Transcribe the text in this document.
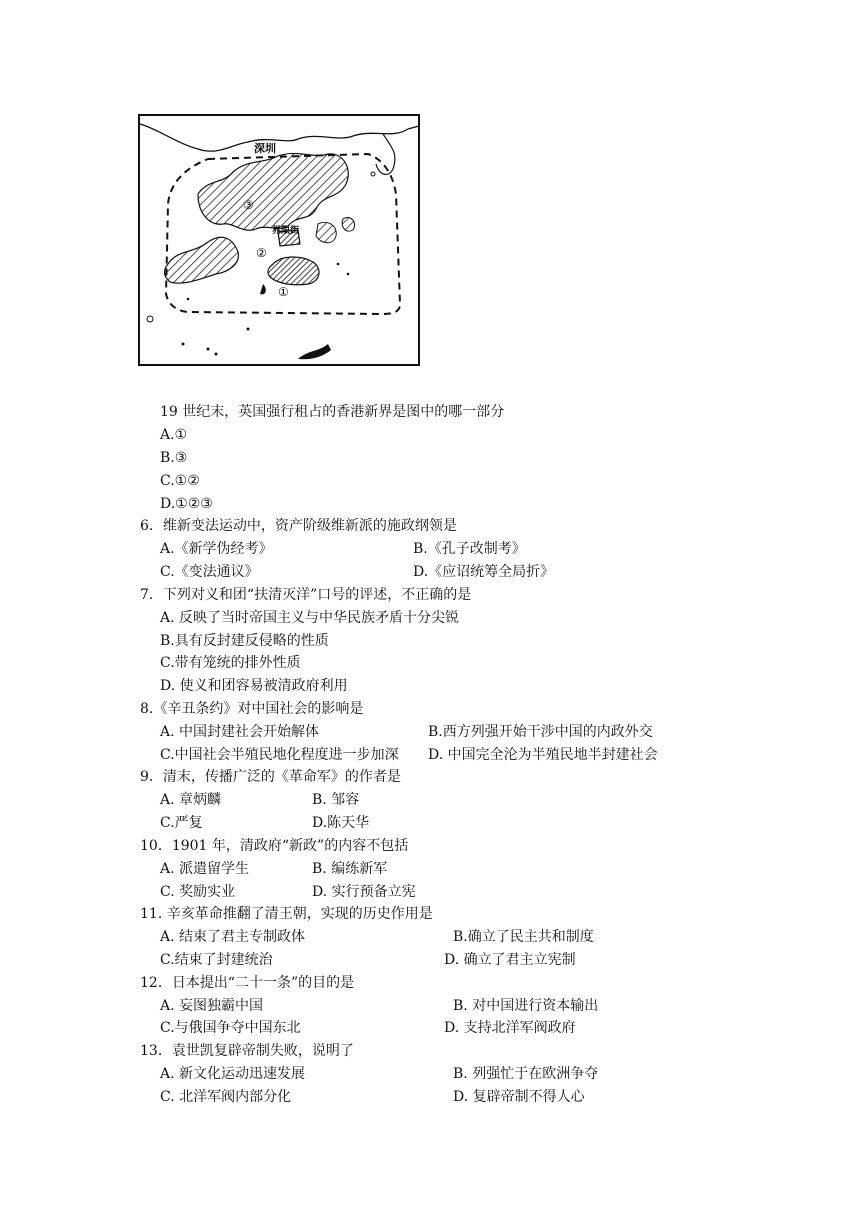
深圳
界限街
①
②
③
19 世纪末，英国强行租占的香港新界是图中的哪一部分
A.①
B.③
C.①②
D.①②③
6．维新变法运动中，资产阶级维新派的施政纲领是
A.《新学伪经考》	B.《孔子改制考》
C.《变法通议》	D.《应诏统筹全局折》
7．下列对义和团“扶清灭洋”口号的评述，不正确的是
A. 反映了当时帝国主义与中华民族矛盾十分尖锐
B.具有反封建反侵略的性质
C.带有笼统的排外性质
D. 使义和团容易被清政府利用
8.《辛丑条约》对中国社会的影响是
A. 中国封建社会开始解体	B.西方列强开始干涉中国的内政外交
C.中国社会半殖民地化程度进一步加深 D. 中国完全沦为半殖民地半封建社会
9．清末，传播广泛的《革命军》的作者是
A. 章炳麟	B. 邹容
C.严复	D.陈天华
10．1901 年，清政府“新政”的内容不包括
A. 派遣留学生	B. 编练新军
C. 奖励实业	D. 实行预备立宪
11. 辛亥革命推翻了清王朝，实现的历史作用是
A. 结束了君主专制政体	B.确立了民主共和制度
C.结束了封建统治	D. 确立了君主立宪制
12．日本提出“二十一条”的目的是
A. 妄图独霸中国	B. 对中国进行资本输出
C.与俄国争夺中国东北	D. 支持北洋军阀政府
13．袁世凯复辟帝制失败，说明了
A. 新文化运动迅速发展	B. 列强忙于在欧洲争夺
C. 北洋军阀内部分化	D. 复辟帝制不得人心
